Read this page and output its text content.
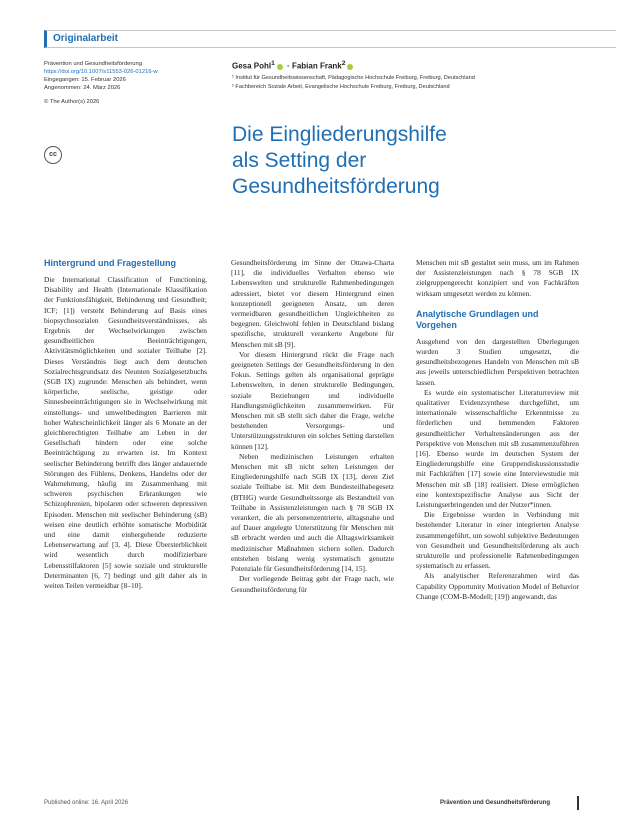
Originalarbeit
Prävention und Gesundheitsförderung
https://doi.org/10.1007/s11553-026-01216-w
Eingegangen: 15. Februar 2026
Angenommen: 24. März 2026
© The Author(s) 2026
cc
Gesa Pohl$^1$ · Fabian Frank$^2$
¹ Institut für Gesundheitswissenschaft, Pädagogische Hochschule Freiburg, Freiburg, Deutschland
² Fachbereich Soziale Arbeit, Evangelische Hochschule Freiburg, Freiburg, Deutschland
Die Eingliederungshilfe
als Setting der
Gesundheitsförderung
Hintergrund und Fragestellung

Die International Classification of Functioning, Disability and Health (Internationale Klassifikation der Funktionsfähigkeit, Behinderung und Gesundheit; ICF; [1]) versteht Behinderung auf Basis eines biopsychosozialen Gesundheitsverständnisses, als Ergebnis der Wechselwirkungen zwischen gesundheitlichen Beeinträchtigungen, Aktivitätsmöglichkeiten und sozialer Teilhabe [2]. Dieses Verständnis liegt auch dem deutschen Sozialrechtsgrundsatz des Neunten Sozialgesetzbuchs (SGB IX) zugrunde: Menschen als behindert, wenn körperliche, seelische, geistige oder Sinnesbeeinträchtigungen sie in Wechselwirkung mit einstellungs- und umweltbedingten Barrieren mit hoher Wahrscheinlichkeit länger als 6 Monate an der gleichberechtigten Teilhabe am Leben in der Gesellschaft hindern oder eine solche Beeinträchtigung zu erwarten ist. Im Kontext seelischer Behinderung betrifft dies länger andauernde Störungen des Fühlens, Denkens, Handelns oder der Wahrnehmung, häufig im Zusammenhang mit schweren psychischen Erkrankungen wie Schizophrenien, bipolaren oder schweren depressiven Episoden. Menschen mit seelischer Behinderung (sB) weisen eine deutlich erhöhte somatische Morbidität und eine damit einhergehende reduzierte Lebenserwartung auf [3, 4]. Diese Übersterblichkeit wird wesentlich durch modifizierbare Lebensstilfaktoren [5] sowie soziale und strukturelle Determinanten [6, 7] bedingt und gilt daher als in weiten Teilen vermeidbar [8–10].

Gesundheitsförderung im Sinne der Ottawa-Charta [11], die individuelles Verhalten ebenso wie Lebenswelten und strukturelle Rahmenbedingungen adressiert, bietet vor diesem Hintergrund einen konzeptionell geeigneten Ansatz, um deren vermeidbaren gesundheitlichen Ungleichheiten zu begegnen. Gleichwohl fehlen in Deutschland bislang spezifische, strukturell verankerte Angebote für Menschen mit sB [9].

Vor diesem Hintergrund rückt die Frage nach geeigneten Settings der Gesundheitsförderung in den Fokus. Settings gelten als organisational geprägte Lebenswelten, in denen strukturelle Bedingungen, soziale Beziehungen und individuelle Handlungsmöglichkeiten zusammenwirken. Für Menschen mit sB stellt sich daher die Frage, welche bestehenden Versorgungs- und Unterstützungsstrukturen ein solches Setting darstellen können [12].

Neben medizinischen Leistungen erhalten Menschen mit sB nicht selten Leistungen der Eingliederungshilfe nach SGB IX [13], deren Ziel soziale Teilhabe ist. Mit dem Bundesteilhabegesetz (BTHG) wurde Gesundheitssorge als Bestandteil von Teilhabe in Assistenzleistungen nach § 78 SGB IX verankert, die als personenzentrierte, alltagsnahe und auf Dauer angelegte Unterstützung für Menschen mit sB erbracht werden und auch die Alltagswirksamkeit medizinischer Maßnahmen sichern sollen. Dadurch entstehen bislang wenig systematisch genutzte Potenziale für Gesundheitsförderung [14, 15].

Der vorliegende Beitrag geht der Frage nach, wie Gesundheitsförderung für

Menschen mit sB gestaltet sein muss, um im Rahmen der Assistenzleistungen nach § 78 SGB IX zielgruppengerecht konzipiert und von Fachkräften wirksam umgesetzt werden zu können.

Analytische Grundlagen und Vorgehen

Ausgehend von den dargestellten Überlegungen wurden 3 Studien umgesetzt, die gesundheitsbezogenes Handeln von Menschen mit sB aus jeweils unterschiedlichen Perspektiven betrachten lassen.

Es wurde ein systematischer Literaturreview mit qualitativer Evidenzsynthese durchgeführt, um internationale wissenschaftliche Erkenntnisse zu förderlichen und hemmenden Faktoren gesundheitlicher Verhaltensänderungen aus der Perspektive von Menschen mit sB zusammenzuführen [16]. Ebenso wurde im deutschen System der Eingliederungshilfe eine Gruppendiskussionsstudie mit Fachkräften [17] sowie eine Interviewstudie mit Menschen mit sB [18] realisiert. Diese ermöglichen eine kontextspezifische Analyse aus Sicht der Leistungserbringenden und der Nutzer*innen.

Die Ergebnisse wurden in Verbindung mit bestehender Literatur in einer integrierten Analyse zusammengeführt, um sowohl subjektive Bedeutungen von Gesundheit und Gesundheitsförderung als auch strukturelle und professionelle Rahmenbedingungen systematisch zu erfassen.

Als analytischer Referenzrahmen wird das Capability Opportunity Motivation Model of Behavior Change (COM-B-Modell; [19]) angewandt, das

Published online: 16. April 2026	Prävention und Gesundheitsförderung
